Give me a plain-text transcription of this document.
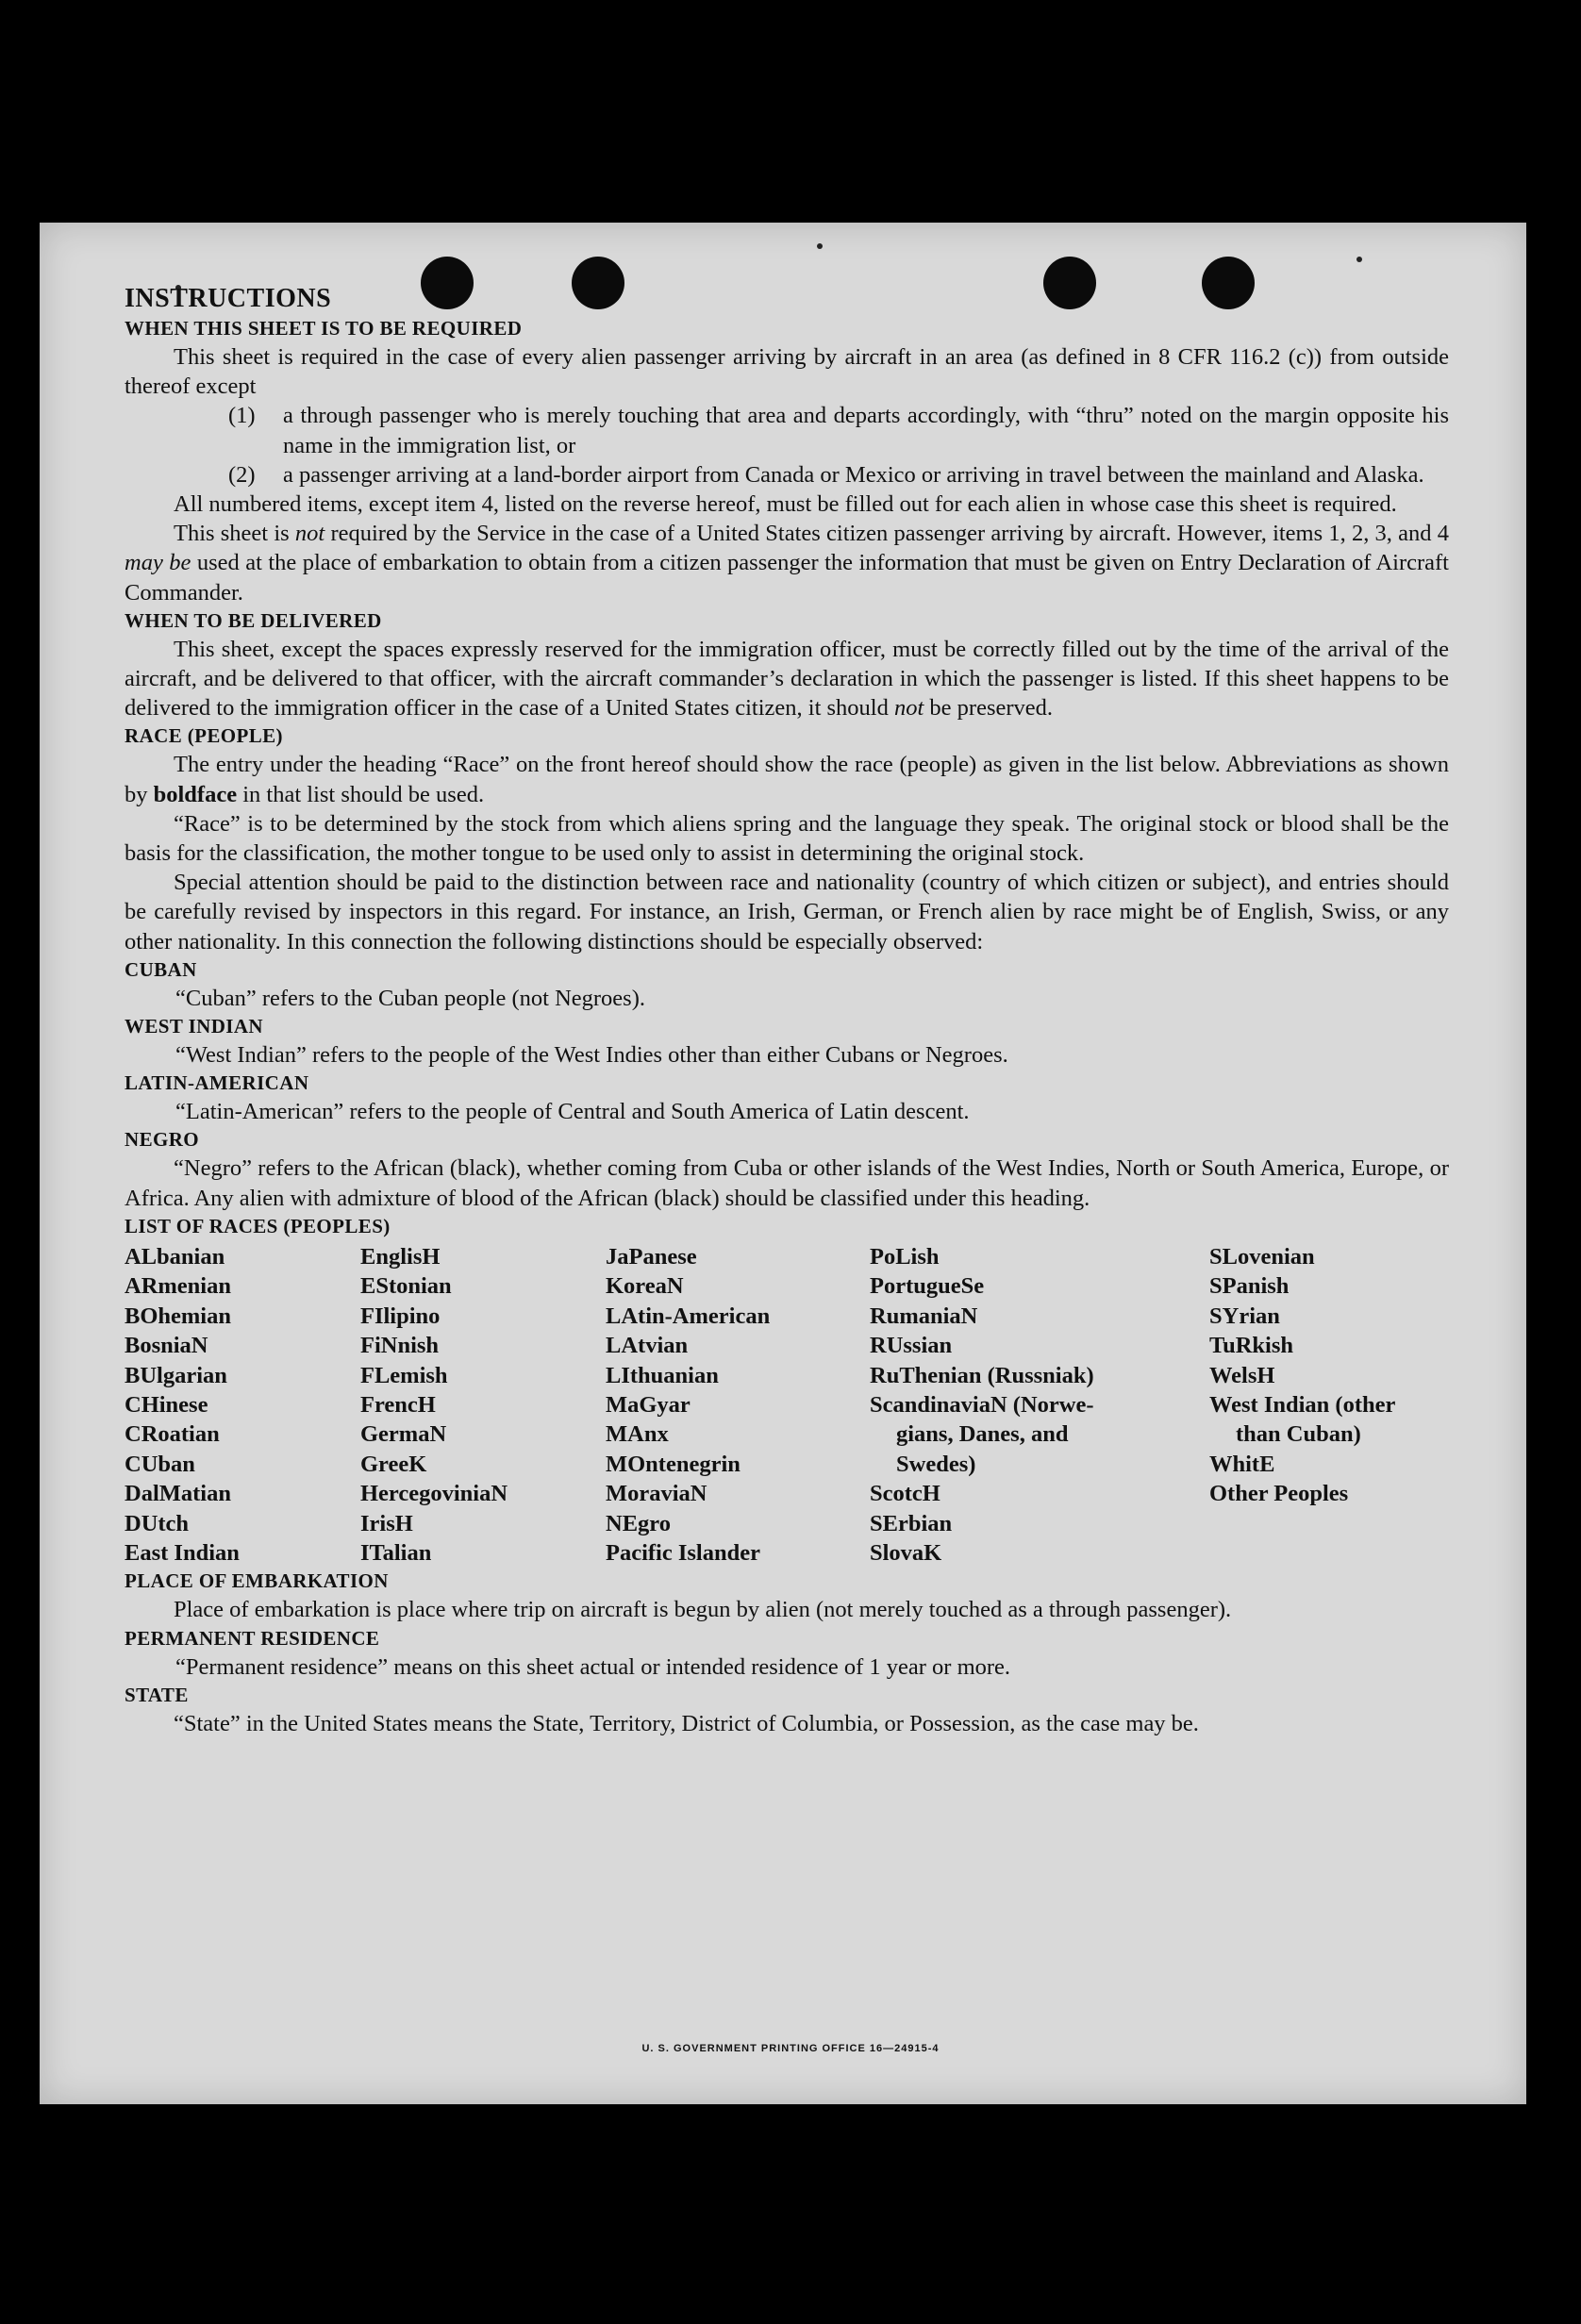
INSTRUCTIONS

WHEN THIS SHEET IS TO BE REQUIRED

This sheet is required in the case of every alien passenger arriving by aircraft in an area (as defined in 8 CFR 116.2 (c)) from outside thereof except

(1)	a through passenger who is merely touching that area and departs accordingly, with “thru” noted on the margin opposite his name in the immigration list, or
(2)	a passenger arriving at a land-border airport from Canada or Mexico or arriving in travel between the mainland and Alaska.

All numbered items, except item 4, listed on the reverse hereof, must be filled out for each alien in whose case this sheet is required.

This sheet is not required by the Service in the case of a United States citizen passenger arriving by aircraft. However, items 1, 2, 3, and 4 may be used at the place of embarkation to obtain from a citizen passenger the information that must be given on Entry Declaration of Aircraft Commander.

WHEN TO BE DELIVERED

This sheet, except the spaces expressly reserved for the immigration officer, must be correctly filled out by the time of the arrival of the aircraft, and be delivered to that officer, with the aircraft commander’s declaration in which the passenger is listed. If this sheet happens to be delivered to the immigration officer in the case of a United States citizen, it should not be preserved.

RACE (PEOPLE)

The entry under the heading “Race” on the front hereof should show the race (people) as given in the list below. Abbreviations as shown by boldface in that list should be used.

“Race” is to be determined by the stock from which aliens spring and the language they speak. The original stock or blood shall be the basis for the classification, the mother tongue to be used only to assist in determining the original stock.

Special attention should be paid to the distinction between race and nationality (country of which citizen or subject), and entries should be carefully revised by inspectors in this regard. For instance, an Irish, German, or French alien by race might be of English, Swiss, or any other nationality. In this connection the following distinctions should be especially observed:

CUBAN

“Cuban” refers to the Cuban people (not Negroes).

WEST INDIAN

“West Indian” refers to the people of the West Indies other than either Cubans or Negroes.

LATIN-AMERICAN

“Latin-American” refers to the people of Central and South America of Latin descent.

NEGRO

“Negro” refers to the African (black), whether coming from Cuba or other islands of the West Indies, North or South America, Europe, or Africa. Any alien with admixture of blood of the African (black) should be classified under this heading.

LIST OF RACES (PEOPLES)

ALbanian
ARmenian
BOhemian
BosniaN
BUlgarian
CHinese
CRoatian
CUban
DalMatian
DUtch
East Indian
EnglisH
EStonian
FIlipino
FiNnish
FLemish
FrencH
GermaN
GreeK
HercegoviniaN
IrisH
ITalian
JaPanese
KoreaN
LAtin-American
LAtvian
LIthuanian
MaGyar
MAnx
MOntenegrin
MoraviaN
NEgro
Pacific Islander
PoLish
PortugueSe
RumaniaN
RUssian
RuThenian (Russniak)
ScandinaviaN (Norwe-
gians, Danes, and
Swedes)
ScotcH
SErbian
SlovaK
SLovenian
SPanish
SYrian
TuRkish
WelsH
West Indian (other
than Cuban)
WhitE
Other Peoples

PLACE OF EMBARKATION

Place of embarkation is place where trip on aircraft is begun by alien (not merely touched as a through passenger).

PERMANENT RESIDENCE

“Permanent residence” means on this sheet actual or intended residence of 1 year or more.

STATE

“State” in the United States means the State, Territory, District of Columbia, or Possession, as the case may be.

U. S. GOVERNMENT PRINTING OFFICE 16—24915-4
